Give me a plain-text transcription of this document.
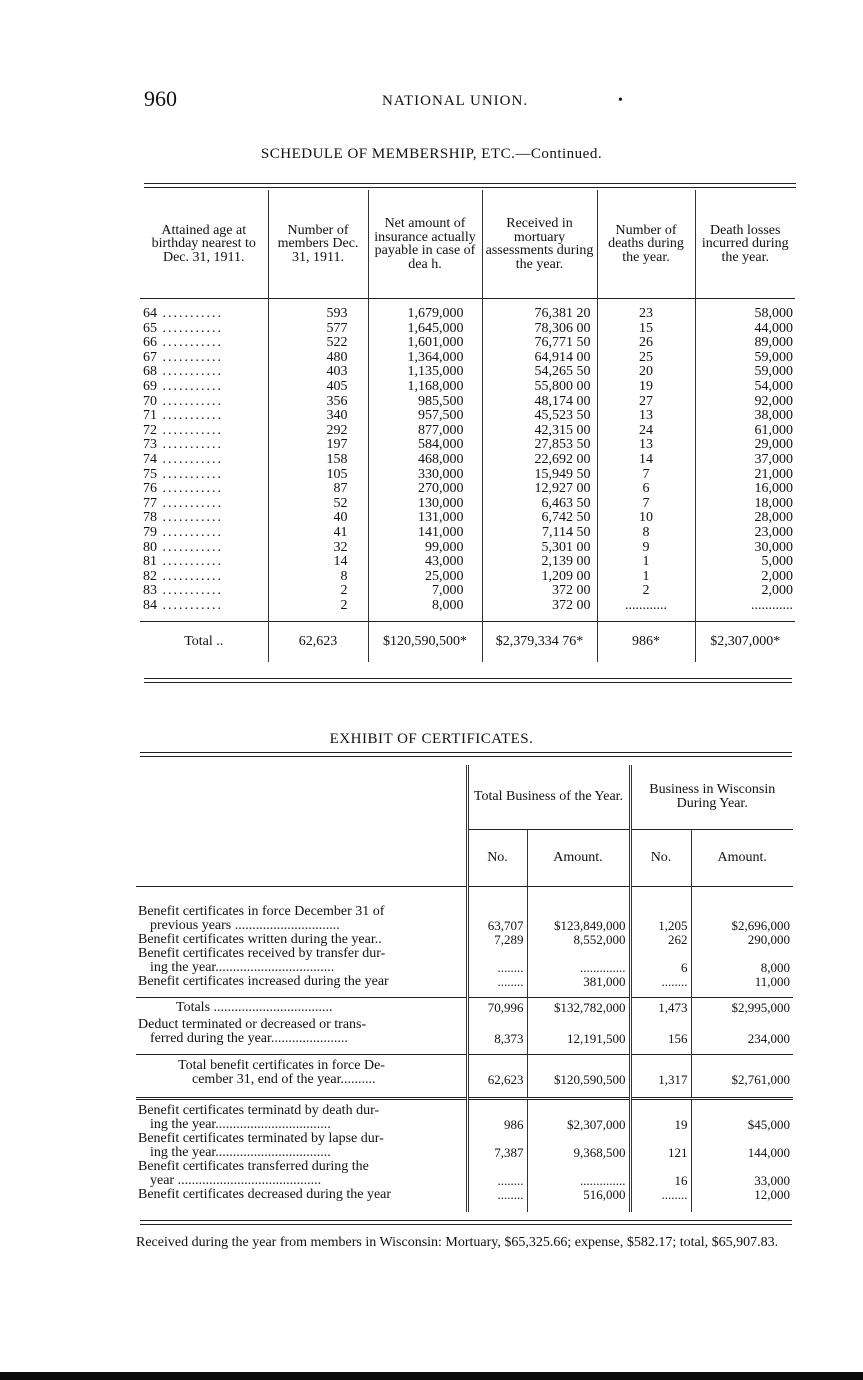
960	NATIONAL UNION.	•
SCHEDULE OF MEMBERSHIP, ETC.—Continued.
Attained age at birthday nearest to Dec. 31, 1911.	Number of members Dec. 31, 1911.	Net amount of insurance actually payable in case of dea h.	Received in mortuary assessments during the year.	Number of deaths during the year.	Death losses incurred during the year.

64 ...........	593	1,679,000	76,381 20	23	58,000
65 ...........	577	1,645,000	78,306 00	15	44,000
66 ...........	522	1,601,000	76,771 50	26	89,000
67 ...........	480	1,364,000	64,914 00	25	59,000
68 ...........	403	1,135,000	54,265 50	20	59,000
69 ...........	405	1,168,000	55,800 00	19	54,000
70 ...........	356	985,500	48,174 00	27	92,000
71 ...........	340	957,500	45,523 50	13	38,000
72 ...........	292	877,000	42,315 00	24	61,000
73 ...........	197	584,000	27,853 50	13	29,000
74 ...........	158	468,000	22,692 00	14	37,000
75 ...........	105	330,000	15,949 50	7	21,000
76 ...........	87	270,000	12,927 00	6	16,000
77 ...........	52	130,000	6,463 50	7	18,000
78 ...........	40	131,000	6,742 50	10	28,000
79 ...........	41	141,000	7,114 50	8	23,000
80 ...........	32	99,000	5,301 00	9	30,000
81 ...........	14	43,000	2,139 00	1	5,000
82 ...........	8	25,000	1,209 00	1	2,000
83 ...........	2	7,000	372 00	2	2,000
84 ...........	2	8,000	372 00	............	............

Total ..	62,623	$120,590,500*	$2,379,334 76*	986*	$2,307,000*
EXHIBIT OF CERTIFICATES.
	Total Business of the Year.		Business in Wisconsin During Year.	
	No.	Amount.	No.	Amount.

Benefit certificates in force December 31 of				
previous years ..............................	63,707	$123,849,000	1,205	$2,696,000
Benefit certificates written during the year..	7,289	8,552,000	262	290,000
Benefit certificates received by transfer dur-				
ing the year..................................	........	..............	6	8,000
Benefit certificates increased during the year	........	381,000	........	11,000

Totals ..................................	70,996	$132,782,000	1,473	$2,995,000
Deduct terminated or decreased or trans-				
ferred during the year......................	8,373	12,191,500	156	234,000

Total benefit certificates in force De-				
cember 31, end of the year..........	62,623	$120,590,500	1,317	$2,761,000

Benefit certificates terminatd by death dur-				
ing the year.................................	986	$2,307,000	19	$45,000
Benefit certificates terminated by lapse dur-				
ing the year.................................	7,387	9,368,500	121	144,000
Benefit certificates transferred during the				
year .........................................	........	..............	16	33,000
Benefit certificates decreased during the year	........	516,000	........	12,000

Received during the year from members in Wisconsin: Mortuary, $65,325.66; expense, $582.17; total, $65,907.83.
